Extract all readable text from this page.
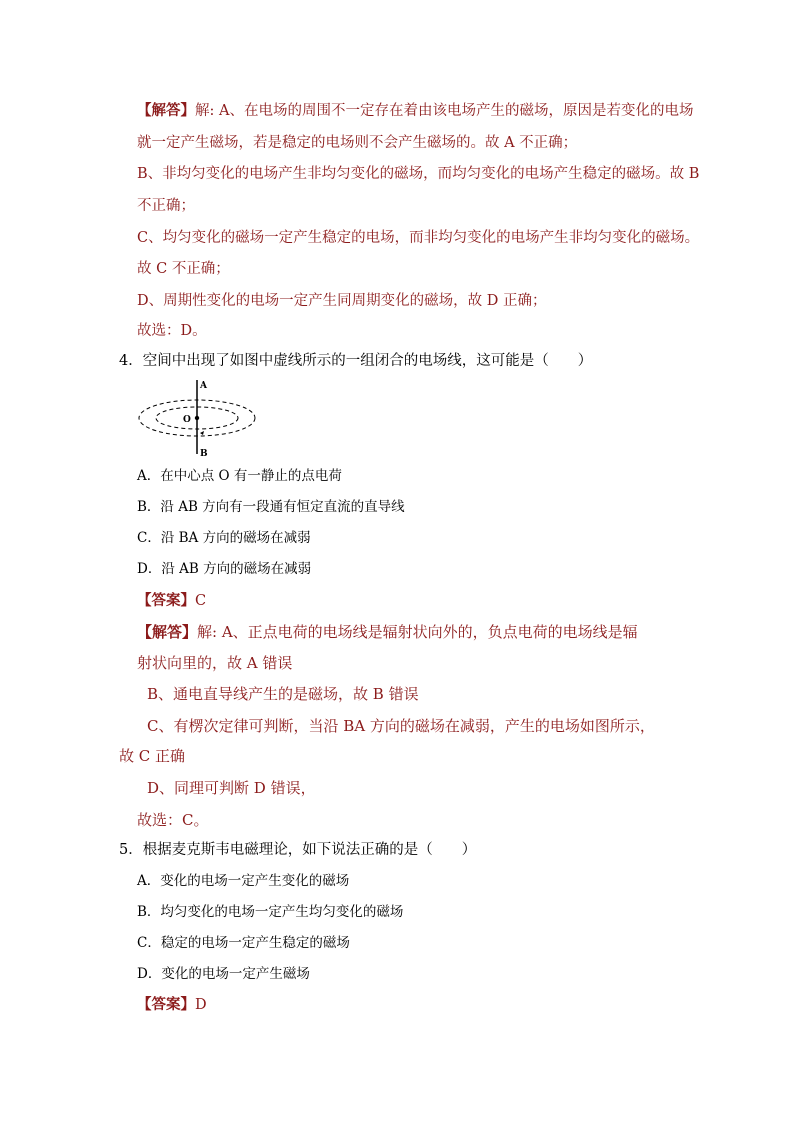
【解答】解: A、在电场的周围不一定存在着由该电场产生的磁场，原因是若变化的电场
就一定产生磁场，若是稳定的电场则不会产生磁场的。故 A 不正确；
B、非均匀变化的电场产生非均匀变化的磁场，而均匀变化的电场产生稳定的磁场。故 B
不正确；
C、均匀变化的磁场一定产生稳定的电场，而非均匀变化的电场产生非均匀变化的磁场。
故 C 不正确；
D、周期性变化的电场一定产生同周期变化的磁场，故 D 正确；
故选：D。
4．空间中出现了如图中虚线所示的一组闭合的电场线，这可能是（　　）
A
O
B
A．在中心点 O 有一静止的点电荷
B．沿 AB 方向有一段通有恒定直流的直导线
C．沿 BA 方向的磁场在减弱
D．沿 AB 方向的磁场在减弱
【答案】C
【解答】解: A、正点电荷的电场线是辐射状向外的，负点电荷的电场线是辐
射状向里的，故 A 错误
B、通电直导线产生的是磁场，故 B 错误
C、有楞次定律可判断，当沿 BA 方向的磁场在减弱，产生的电场如图所示，
故 C 正确
D、同理可判断 D 错误，
故选：C。
5．根据麦克斯韦电磁理论，如下说法正确的是（　　）
A．变化的电场一定产生变化的磁场
B．均匀变化的电场一定产生均匀变化的磁场
C．稳定的电场一定产生稳定的磁场
D．变化的电场一定产生磁场
【答案】D
